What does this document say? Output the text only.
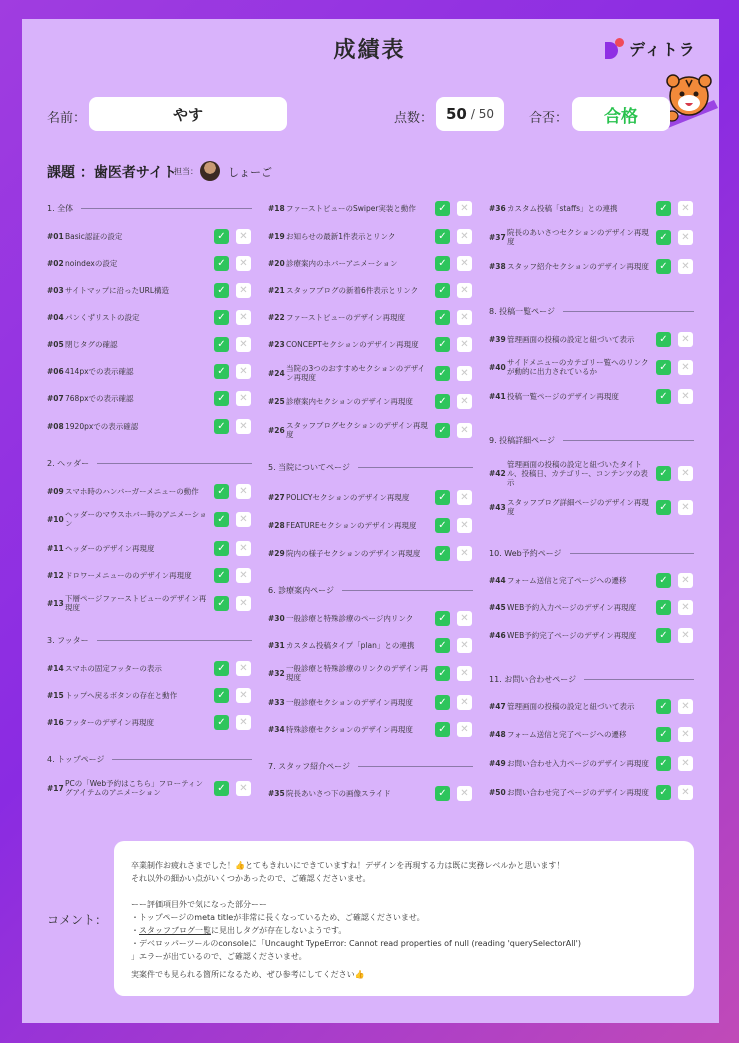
成績表	ディトラ
名前：	やす	点数： 50 / 50	合否： 合格
課題 ：歯医者サイト
担当：	しょーご
1. 全体
#01 Basic認証の設定	✓	✕
#02 noindexの設定	✓	✕
#03 サイトマップに沿ったURL構造	✓	✕
#04 パンくずリストの設定	✓	✕
#05 閉じタグの確認	✓	✕
#06 414pxでの表示確認	✓	✕
#07 768pxでの表示確認	✓	✕
#08 1920pxでの表示確認	✓	✕
2. ヘッダー
#09 スマホ時のハンバーガーメニューの動作	✓	✕
#10 ヘッダーのマウスホバー時のアニメーション	✓	✕
#11 ヘッダーのデザイン再現度	✓	✕
#12 ドロワーメニューののデザイン再現度	✓	✕
#13 下層ページファーストビューのデザイン再現度	✓	✕
3. フッター
#14 スマホの固定フッターの表示	✓	✕
#15 トップへ戻るボタンの存在と動作	✓	✕
#16 フッターのデザイン再現度	✓	✕
4. トップページ
#17 PCの「Web予約はこちら」フローティングアイテムのアニメーション	✓	✕
#18 ファーストビューのSwiper実装と動作	✓	✕
#19 お知らせの最新1件表示とリンク	✓	✕
#20 診療案内のホバーアニメーション	✓	✕
#21 スタッフブログの新着6件表示とリンク	✓	✕
#22 ファーストビューのデザイン再現度	✓	✕
#23 CONCEPTセクションのデザイン再現度	✓	✕
#24 当院の3つのおすすめセクションのデザイン再現度	✓	✕
#25 診療案内セクションのデザイン再現度	✓	✕
#26 スタッフブログセクションのデザイン再現度	✓	✕
5. 当院についてページ
#27 POLICYセクションのデザイン再現度	✓	✕
#28 FEATUREセクションのデザイン再現度	✓	✕
#29 院内の様子セクションのデザイン再現度	✓	✕
6. 診療案内ページ
#30 一般診療と特殊診療のページ内リンク	✓	✕
#31 カスタム投稿タイプ「plan」との連携	✓	✕
#32 一般診療と特殊診療のリンクのデザイン再現度	✓	✕
#33 一般診療セクションのデザイン再現度	✓	✕
#34 特殊診療セクションのデザイン再現度	✓	✕
7. スタッフ紹介ページ
#35 院長あいさつ下の画像スライド	✓	✕
#36 カスタム投稿「staffs」との連携	✓	✕
#37 院長のあいさつセクションのデザイン再現度	✓	✕
#38 スタッフ紹介セクションのデザイン再現度	✓	✕
8. 投稿一覧ページ
#39 管理画面の投稿の設定と紐づいて表示	✓	✕
#40 サイドメニューのカテゴリー覧へのリンクが動的に出力されているか	✓	✕
#41 投稿一覧ページのデザイン再現度	✓	✕
9. 投稿詳細ページ
#42
管理画面の投稿の設定と紐づいたタイトル、投稿日、カテゴリー、コンテンツの表示
✓	✕
#43 スタッフブログ詳細ページのデザイン再現度	✓	✕
10. Web予約ページ
#44 フォーム送信と完了ページへの遷移	✓	✕
#45 WEB予約入力ページのデザイン再現度	✓	✕
#46 WEB予約完了ページのデザイン再現度	✓	✕
11. お問い合わせページ
#47 管理画面の投稿の設定と紐づいて表示	✓	✕
#48 フォーム送信と完了ページへの遷移	✓	✕
#49 お問い合わせ入力ページのデザイン再現度	✓	✕
#50 お問い合わせ完了ページのデザイン再現度	✓	✕
コメント：
卒業制作お疲れさまでした！👍とてもきれいにできていますね！デザインを再現する力は既に実務レベルかと思います！
それ以外の細かい点がいくつかあったので、ご確認くださいませ。
ーー評価項目外で気になった部分ーー
・トップページのmeta titleが非常に長くなっているため、ご確認くださいませ。
・スタッフブログ一覧に見出しタグが存在しないようです。
・デベロッパーツールのconsoleに「Uncaught TypeError: Cannot read properties of null (reading 'querySelectorAll')
」エラーが出ているので、ご確認くださいませ。
実案件でも見られる箇所になるため、ぜひ参考にしてください👍
